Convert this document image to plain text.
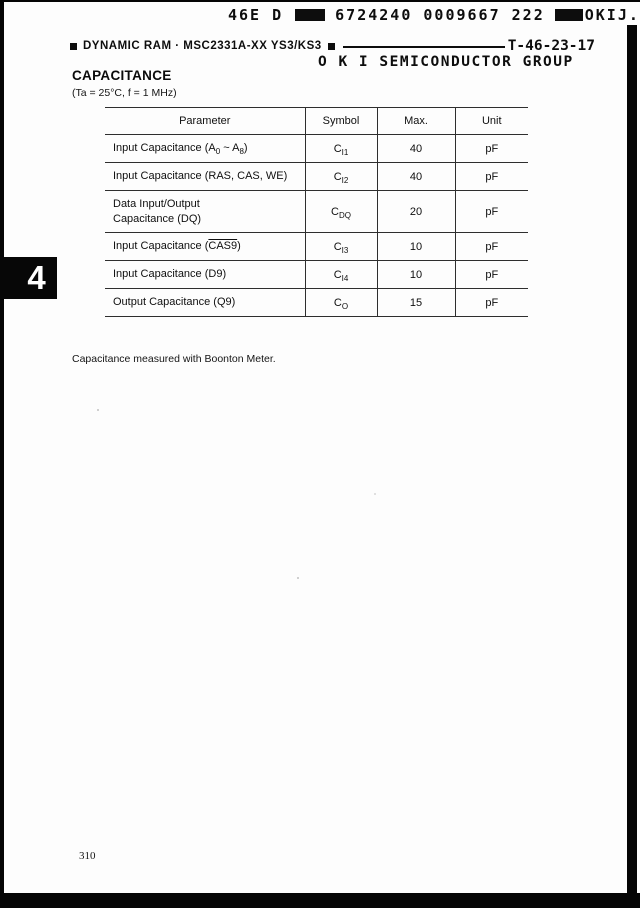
46E D	6724240 0009667 222	OKIJ.
DYNAMIC RAM · MSC2331A-XX YS3/KS3	T-46-23-17
O K I SEMICONDUCTOR GROUP
CAPACITANCE
(Ta = 25°C, f = 1 MHz)
Parameter	Symbol	Max.	Unit
Input Capacitance ($A_0$ ~ $A_8$)	$C_{I1}$	40	pF
Input Capacitance (RAS, CAS, WE)	$C_{I2}$	40	pF

Data Input/Output
Capacitance (DQ)	$C_{DQ}$	20	pF
Input Capacitance (CAS9)	$C_{I3}$	10	pF
Input Capacitance (D9)	$C_{I4}$	10	pF
Output Capacitance (Q9)	$C_O$	15	pF
4
Capacitance measured with Boonton Meter.
310
